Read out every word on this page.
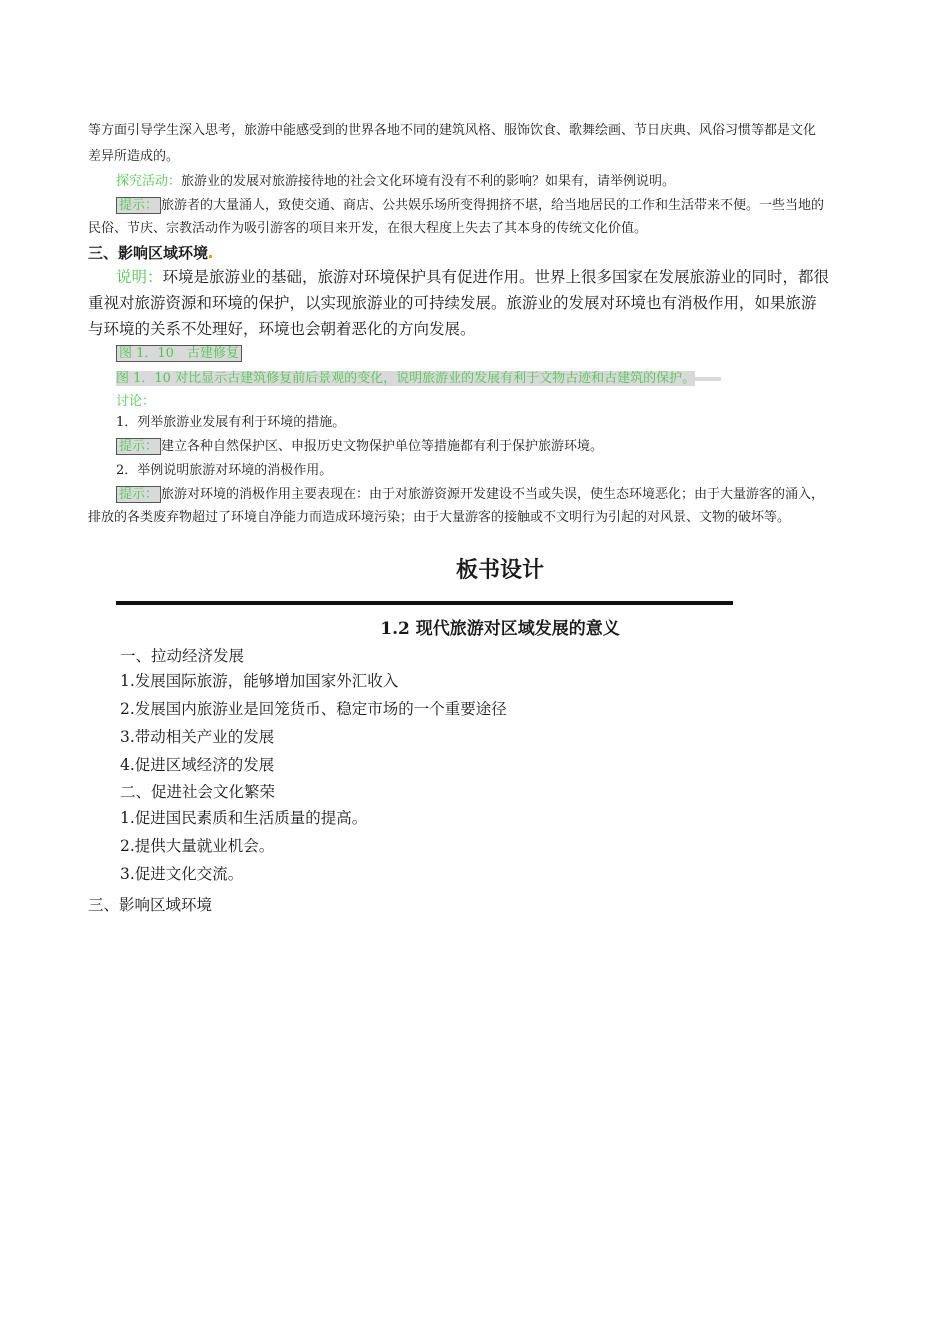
等方面引导学生深入思考，旅游中能感受到的世界各地不同的建筑风格、服饰饮食、歌舞绘画、节日庆典、风俗习惯等都是文化
差异所造成的。
探究活动：旅游业的发展对旅游接待地的社会文化环境有没有不利的影响？如果有，请举例说明。
提示： 旅游者的大量涌人，致使交通、商店、公共娱乐场所变得拥挤不堪，给当地居民的工作和生活带来不便。一些当地的
民俗、节庆、宗教活动作为吸引游客的项目来开发，在很大程度上失去了其本身的传统文化价值。
三、影响区域环境
说明：环境是旅游业的基础，旅游对环境保护具有促进作用。世界上很多国家在发展旅游业的同时，都很
重视对旅游资源和环境的保护，以实现旅游业的可持续发展。旅游业的发展对环境也有消极作用，如果旅游
与环境的关系不处理好，环境也会朝着恶化的方向发展。
图 1．10　古建修复
图 1．10 对比显示古建筑修复前后景观的变化，说明旅游业的发展有利于文物古迹和古建筑的保护。
讨论：
1．列举旅游业发展有利于环境的措施。
提示： 建立各种自然保护区、申报历史文物保护单位等措施都有利于保护旅游环境。
2．举例说明旅游对环境的消极作用。
提示： 旅游对环境的消极作用主要表现在：由于对旅游资源开发建设不当或失误，使生态环境恶化；由于大量游客的涌入，
排放的各类废弃物超过了环境自净能力而造成环境污染；由于大量游客的接触或不文明行为引起的对风景、文物的破坏等。
板书设计
1.2 现代旅游对区域发展的意义
一、拉动经济发展
1.发展国际旅游，能够增加国家外汇收入
2.发展国内旅游业是回笼货币、稳定市场的一个重要途径
3.带动相关产业的发展
4.促进区域经济的发展
二、促进社会文化繁荣
1.促进国民素质和生活质量的提高。
2.提供大量就业机会。
3.促进文化交流。
三、影响区域环境
